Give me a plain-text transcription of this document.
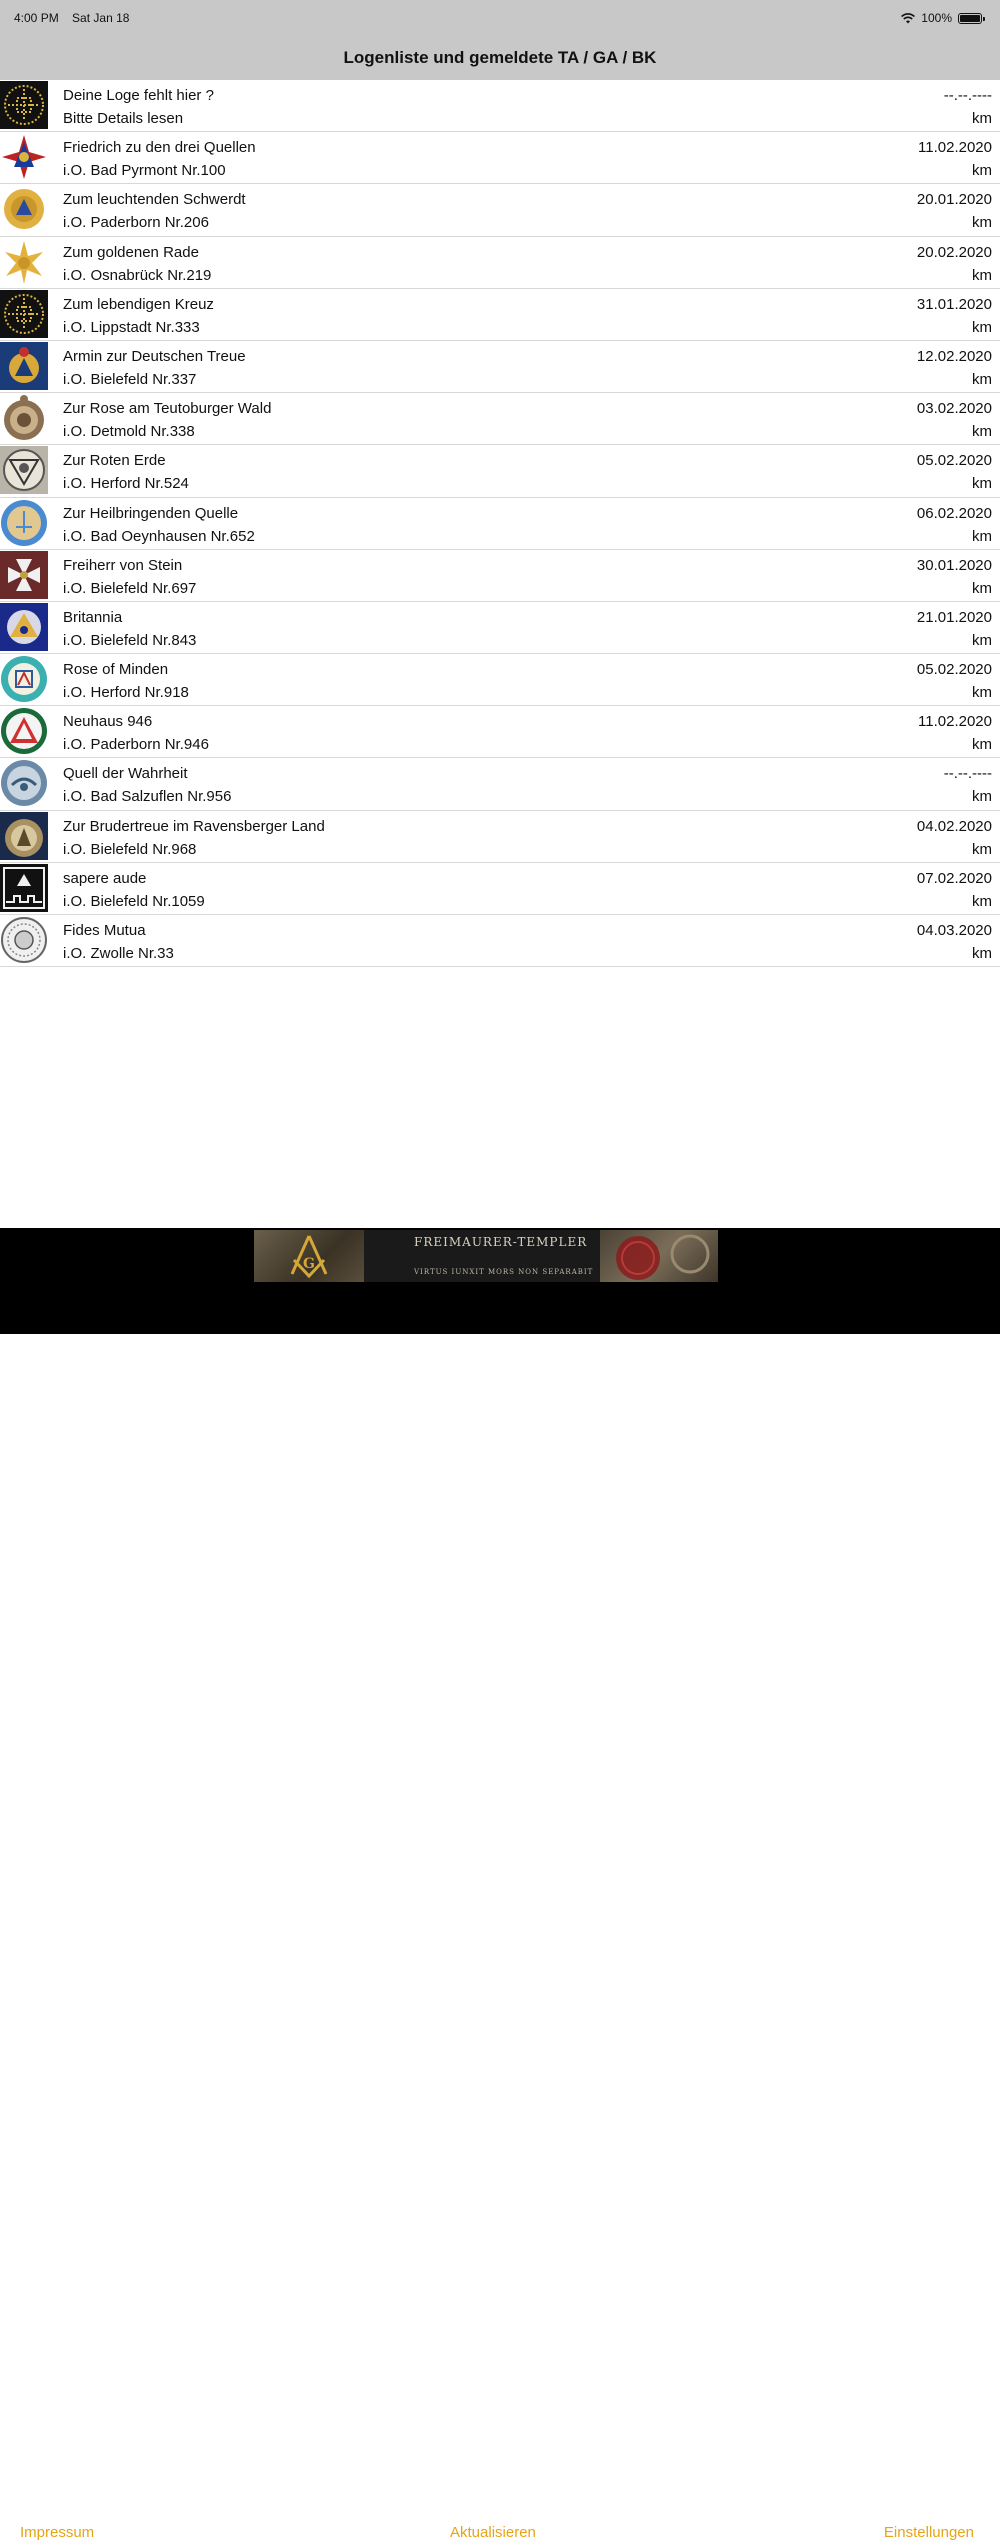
4:00 PM Sat Jan 18	100%
Logenliste und gemeldete TA / GA / BK
Deine Loge fehlt hier ?
Bitte Details lesen
--.--.----
km
Friedrich zu den drei Quellen
i.O. Bad Pyrmont Nr.100
11.02.2020
km
Zum leuchtenden Schwerdt
i.O. Paderborn Nr.206
20.01.2020
km
Zum goldenen Rade
i.O. Osnabrück Nr.219
20.02.2020
km
Zum lebendigen Kreuz
i.O. Lippstadt Nr.333
31.01.2020
km
Armin zur Deutschen Treue
i.O. Bielefeld Nr.337
12.02.2020
km
Zur Rose am Teutoburger Wald
i.O. Detmold Nr.338
03.02.2020
km
Zur Roten Erde
i.O. Herford Nr.524
05.02.2020
km
Zur Heilbringenden Quelle
i.O. Bad Oeynhausen Nr.652
06.02.2020
km
Freiherr von Stein
i.O. Bielefeld Nr.697
30.01.2020
km
Britannia
i.O. Bielefeld Nr.843
21.01.2020
km
Rose of Minden
i.O. Herford Nr.918
05.02.2020
km
Neuhaus 946
i.O. Paderborn Nr.946
11.02.2020
km
Quell der Wahrheit
i.O. Bad Salzuflen Nr.956
--.--.----
km
Zur Brudertreue im Ravensberger Land
i.O. Bielefeld Nr.968
04.02.2020
km
sapere aude
i.O. Bielefeld Nr.1059
07.02.2020
km
Fides Mutua
i.O. Zwolle Nr.33
04.03.2020
km
G
FREIMAURER-TEMPLER
VIRTUS IUNXIT MORS NON SEPARABIT
Impressum	Aktualisieren	Einstellungen
